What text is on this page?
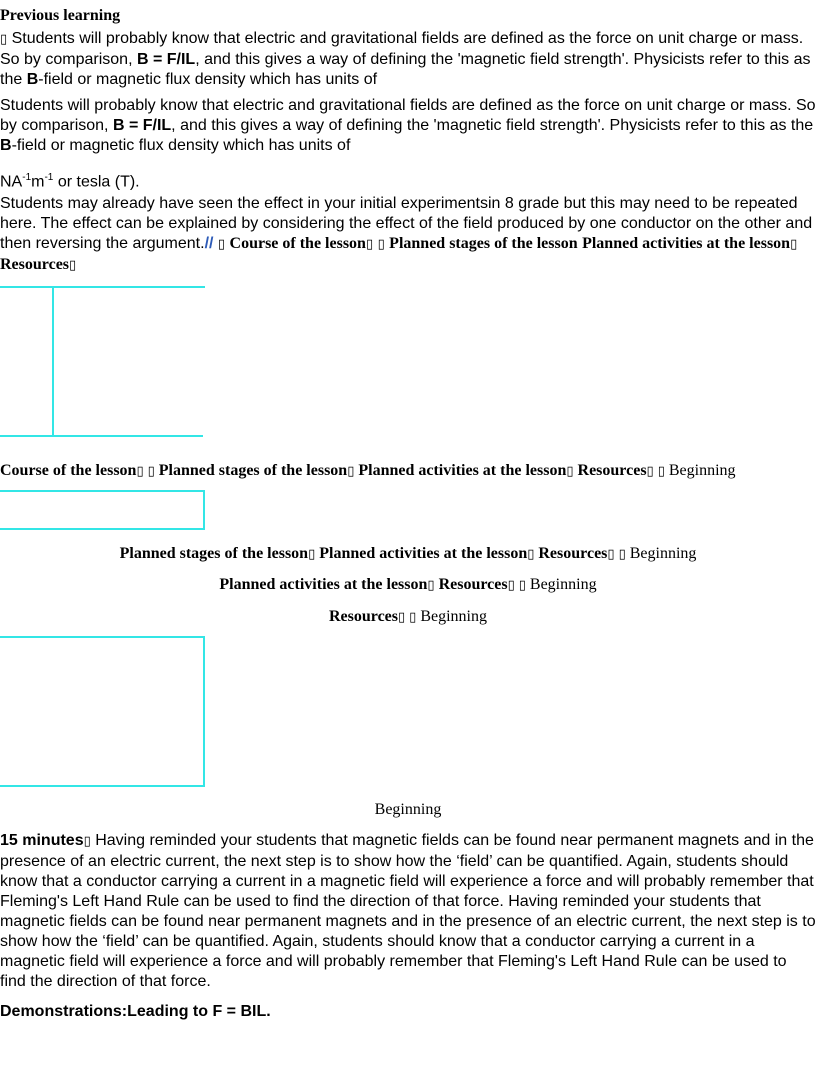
Previous learning
▯ Students will probably know that electric and gravitational fields are defined as the force on unit charge or mass. So by comparison, B = F/IL, and this gives a way of defining the 'magnetic field strength'. Physicists refer to this as the B-field or magnetic flux density which has units of
Students will probably know that electric and gravitational fields are defined as the force on unit charge or mass. So by comparison, B = F/IL, and this gives a way of defining the 'magnetic field strength'. Physicists refer to this as the B-field or magnetic flux density which has units of
$NA^{-1}m^{-1}$ or tesla (T).
Students may already have seen the effect in your initial experimentsin 8 grade but this may need to be repeated here. The effect can be explained by considering the effect of the field produced by one conductor on the other and then reversing the argument.// ▯ Course of the lesson▯ ▯ Planned stages of the lesson Planned activities at the lesson▯ Resources▯
Course of the lesson▯ ▯ Planned stages of the lesson▯ Planned activities at the lesson▯ Resources▯ ▯ Beginning
Planned stages of the lesson▯ Planned activities at the lesson▯ Resources▯ ▯ Beginning
Planned activities at the lesson▯ Resources▯ ▯ Beginning
Resources▯ ▯ Beginning
Beginning
15 minutes▯ Having reminded your students that magnetic fields can be found near permanent magnets and in the presence of an electric current, the next step is to show how the ‘field’ can be quantified. Again, students should know that a conductor carrying a current in a magnetic field will experience a force and will probably remember that Fleming's Left Hand Rule can be used to find the direction of that force. Having reminded your students that magnetic fields can be found near permanent magnets and in the presence of an electric current, the next step is to show how the ‘field’ can be quantified. Again, students should know that a conductor carrying a current in a magnetic field will experience a force and will probably remember that Fleming's Left Hand Rule can be used to find the direction of that force.
Demonstrations:Leading to F = BIL.
